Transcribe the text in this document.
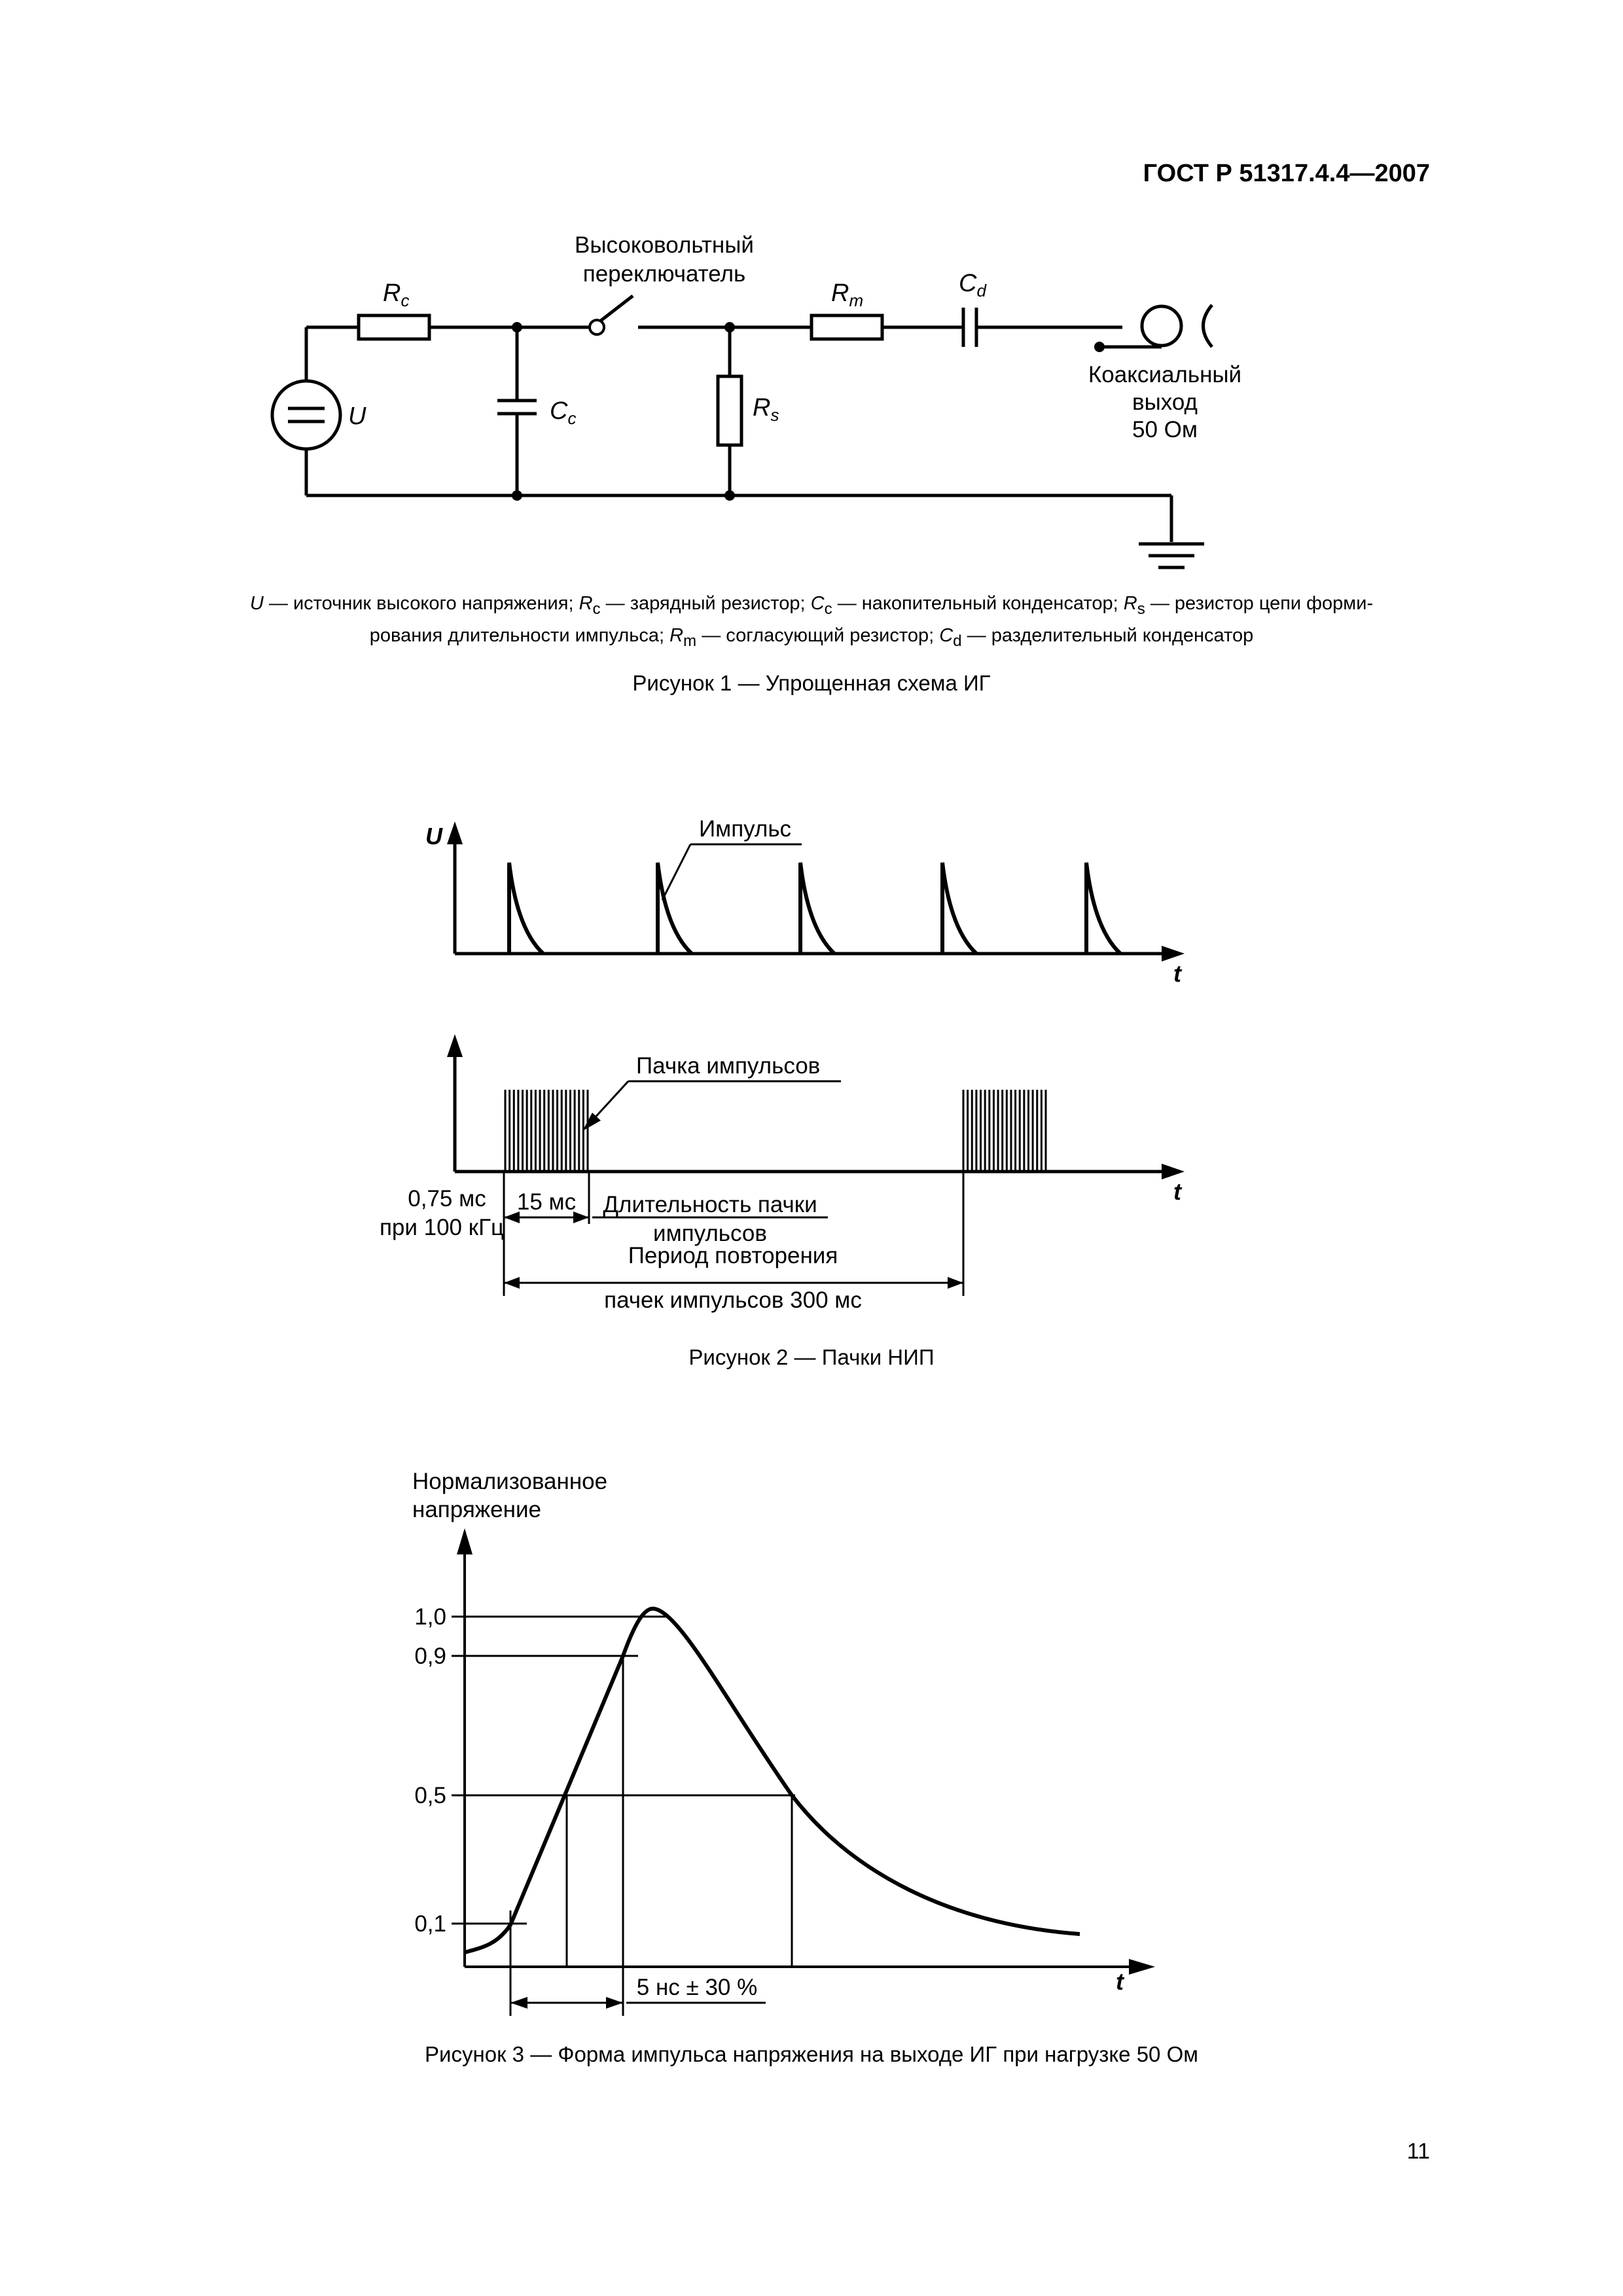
ГОСТ Р 51317.4.4—2007
Высоковольтный
переключатель
$R_c$
$C_c$	$R_s$
$R_m$
$C_d$
U
Коаксиальный
выход
50 Ом
U — источник высокого напряжения; $R_c$ — зарядный резистор; $C_c$ — накопительный конденсатор; $R_s$ — резистор цепи форми-
рования длительности импульса; $R_m$ — согласующий резистор; $C_d$ — разделительный конденсатор
Рисунок 1 — Упрощенная схема ИГ
U
t
t
Импульс
Пачка импульсов
0,75 мс
при 100 кГц
15 мс Длительность пачки
импульсов
Период повторения
пачек импульсов 300 мс
Рисунок 2 — Пачки НИП
Нормализованное
напряжение
1,0
0,9
0,5
0,1
t
5 нс ± 30 %
Рисунок 3 — Форма импульса напряжения на выходе ИГ при нагрузке 50 Ом
11
